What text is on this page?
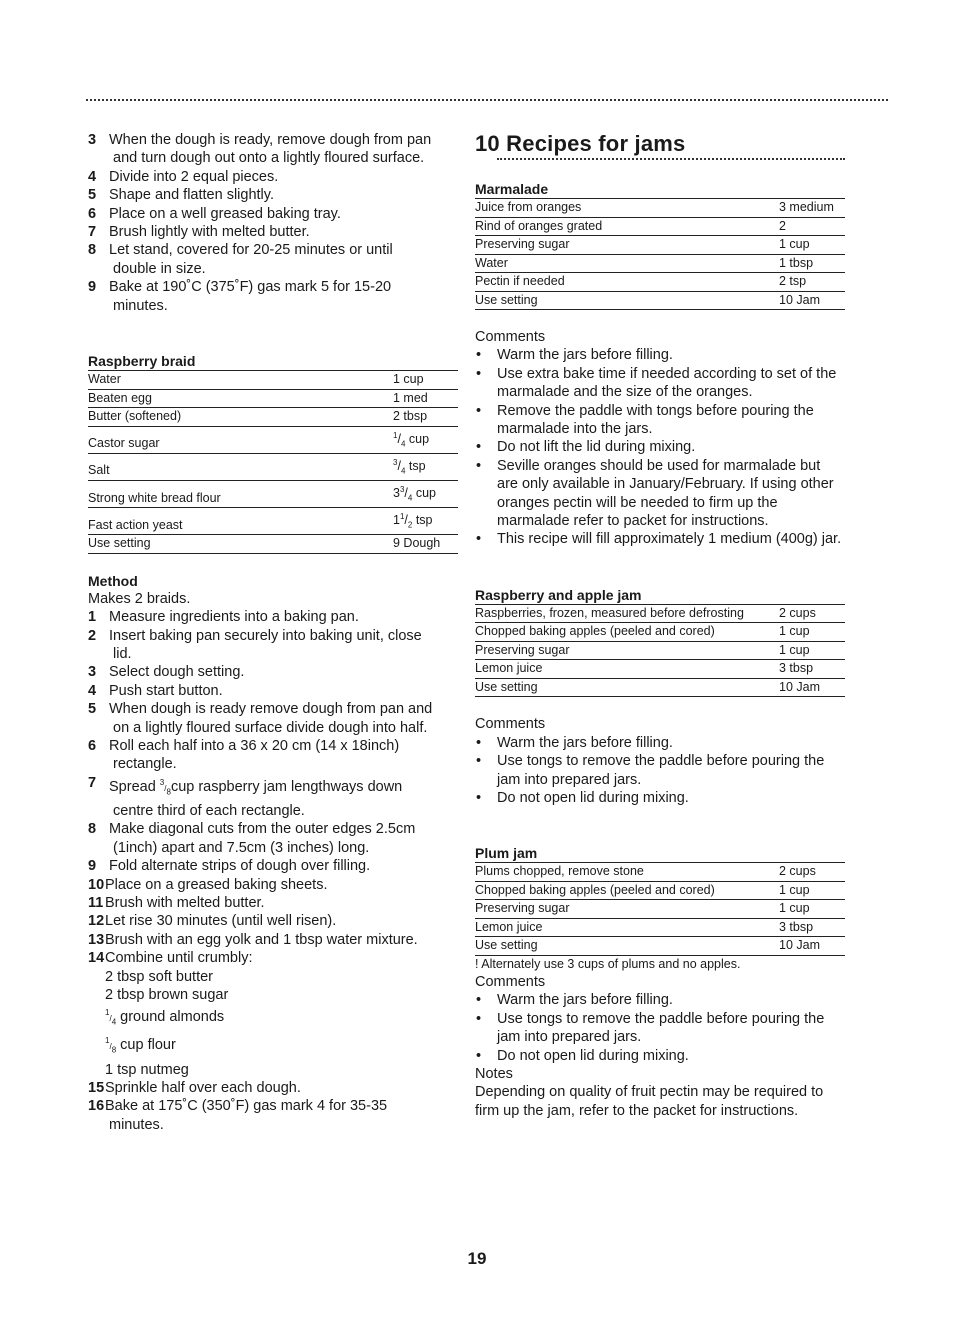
3 When the dough is ready, remove dough from pan
and turn dough out onto a lightly floured surface.
4 Divide into 2 equal pieces.
5 Shape and flatten slightly.
6 Place on a well greased baking tray.
7 Brush lightly with melted butter.
8 Let stand, covered for 20-25 minutes or until
double in size.
9 Bake at 190˚C (375˚F) gas mark 5 for 15-20
minutes.

Raspberry braid

Water	1 cup
Beaten egg	1 med
Butter (softened)	2 tbsp
Castor sugar	$^1/_4$ cup
Salt	$^3/_4$ tsp
Strong white bread flour	$3^3/_4$ cup
Fast action yeast	$1^1/_2$ tsp
Use setting	9 Dough

Method

Makes 2 braids.

1 Measure ingredients into a baking pan.
2 Insert baking pan securely into baking unit, close
lid.
3 Select dough setting.
4 Push start button.
5 When dough is ready remove dough from pan and
on a lightly floured surface divide dough into half.
6 Roll each half into a 36 x 20 cm (14 x 18inch)
rectangle.
7 Spread $^3/_8cup$ raspberry jam lengthways down
centre third of each rectangle.
8 Make diagonal cuts from the outer edges 2.5cm
(1inch) apart and 7.5cm (3 inches) long.
9 Fold alternate strips of dough over filling.
10 Place on a greased baking sheets.
11 Brush with melted butter.
12 Let rise 30 minutes (until well risen).
13 Brush with an egg yolk and 1 tbsp water mixture.
14 Combine until crumbly:
2 tbsp soft butter
2 tbsp brown sugar
$^1/_4$ ground almonds
$^1/_8$ cup flour
1 tsp nutmeg
15 Sprinkle half over each dough.
16 Bake at 175˚C (350˚F) gas mark 4 for 35-35
minutes.

10 Recipes for jams

Marmalade

Juice from oranges	3 medium
Rind of oranges grated	2
Preserving sugar	1 cup
Water	1 tbsp
Pectin if needed	2 tsp
Use setting	10 Jam

Comments

• Warm the jars before filling.
• Use extra bake time if needed according to set of the marmalade and the size of the oranges.
• Remove the paddle with tongs before pouring the marmalade into the jars.
• Do not lift the lid during mixing.
• Seville oranges should be used for marmalade but are only available in January/February. If using other oranges pectin will be needed to firm up the marmalade refer to packet for instructions.
• This recipe will fill approximately 1 medium (400g) jar.

Raspberry and apple jam

Raspberries, frozen, measured before defrosting	2 cups
Chopped baking apples (peeled and cored)	1 cup
Preserving sugar	1 cup
Lemon juice	3 tbsp
Use setting	10 Jam

Comments

• Warm the jars before filling.
• Use tongs to remove the paddle before pouring the jam into prepared jars.
• Do not open lid during mixing.

Plum jam

Plums chopped, remove stone	2 cups
Chopped baking apples (peeled and cored)	1 cup
Preserving sugar	1 cup
Lemon juice	3 tbsp
Use setting	10 Jam

! Alternately use 3 cups of plums and no apples.

Comments

• Warm the jars before filling.
• Use tongs to remove the paddle before pouring the jam into prepared jars.
• Do not open lid during mixing.

Notes

Depending on quality of fruit pectin may be required to firm up the jam, refer to the packet for instructions.

19
